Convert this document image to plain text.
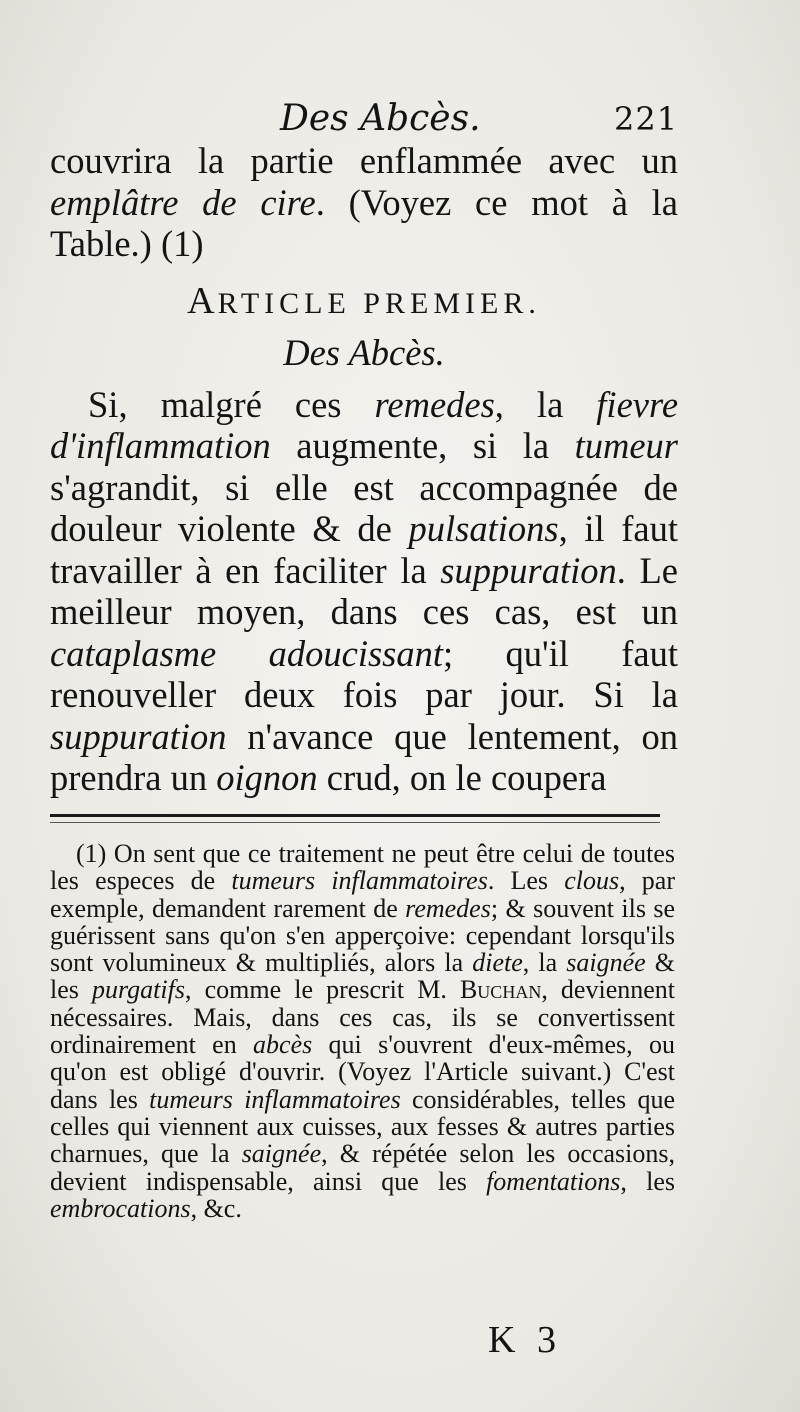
Des Abcès.	221

couvrira la partie enflammée avec un emplâtre de cire. (Voyez ce mot à la Table.) (1)

ARTICLE PREMIER.

Des Abcès.

Si, malgré ces remedes, la fievre d'inflammation augmente, si la tumeur s'agrandit, si elle est accompagnée de douleur violente & de pulsations, il faut travailler à en faciliter la suppuration. Le meilleur moyen, dans ces cas, est un cataplasme adoucissant; qu'il faut renouveller deux fois par jour. Si la suppuration n'avance que lentement, on prendra un oignon crud, on le coupera

(1) On sent que ce traitement ne peut être celui de toutes les especes de tumeurs inflammatoires. Les clous, par exemple, demandent rarement de remedes; & souvent ils se guérissent sans qu'on s'en apperçoive: cependant lorsqu'ils sont volumineux & multipliés, alors la diete, la saignée & les purgatifs, comme le prescrit M. Buchan, deviennent nécessaires. Mais, dans ces cas, ils se convertissent ordinairement en abcès qui s'ouvrent d'eux-mêmes, ou qu'on est obligé d'ouvrir. (Voyez l'Article suivant.) C'est dans les tumeurs inflammatoires considérables, telles que celles qui viennent aux cuisses, aux fesses & autres parties charnues, que la saignée, & répétée selon les occasions, devient indispensable, ainsi que les fomentations, les embrocations, &c.

K 3
